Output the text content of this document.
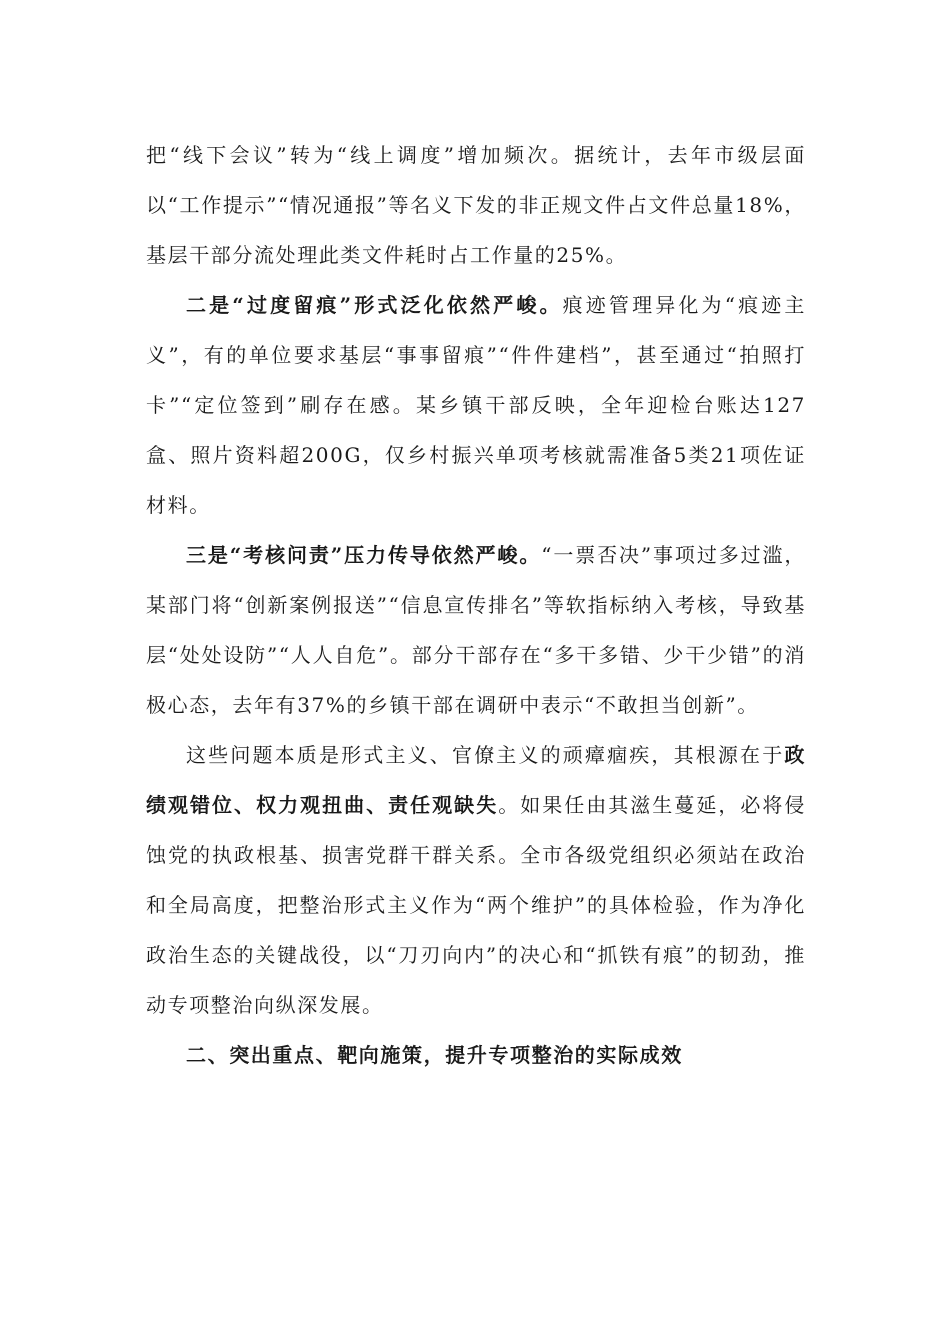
把“线下会议”转为“线上调度”增加频次。据统计，去年市级层面以“工作提示”“情况通报”等名义下发的非正规文件占文件总量18%，基层干部分流处理此类文件耗时占工作量的25%。

二是“过度留痕”形式泛化依然严峻。痕迹管理异化为“痕迹主义”，有的单位要求基层“事事留痕”“件件建档”，甚至通过“拍照打卡”“定位签到”刷存在感。某乡镇干部反映，全年迎检台账达127盒、照片资料超200G，仅乡村振兴单项考核就需准备5类21项佐证材料。

三是“考核问责”压力传导依然严峻。“一票否决”事项过多过滥，某部门将“创新案例报送”“信息宣传排名”等软指标纳入考核，导致基层“处处设防”“人人自危”。部分干部存在“多干多错、少干少错”的消极心态，去年有37%的乡镇干部在调研中表示“不敢担当创新”。

这些问题本质是形式主义、官僚主义的顽瘴痼疾，其根源在于政绩观错位、权力观扭曲、责任观缺失。如果任由其滋生蔓延，必将侵蚀党的执政根基、损害党群干群关系。全市各级党组织必须站在政治和全局高度，把整治形式主义作为“两个维护”的具体检验，作为净化政治生态的关键战役，以“刀刃向内”的决心和“抓铁有痕”的韧劲，推动专项整治向纵深发展。

二、突出重点、靶向施策，提升专项整治的实际成效
